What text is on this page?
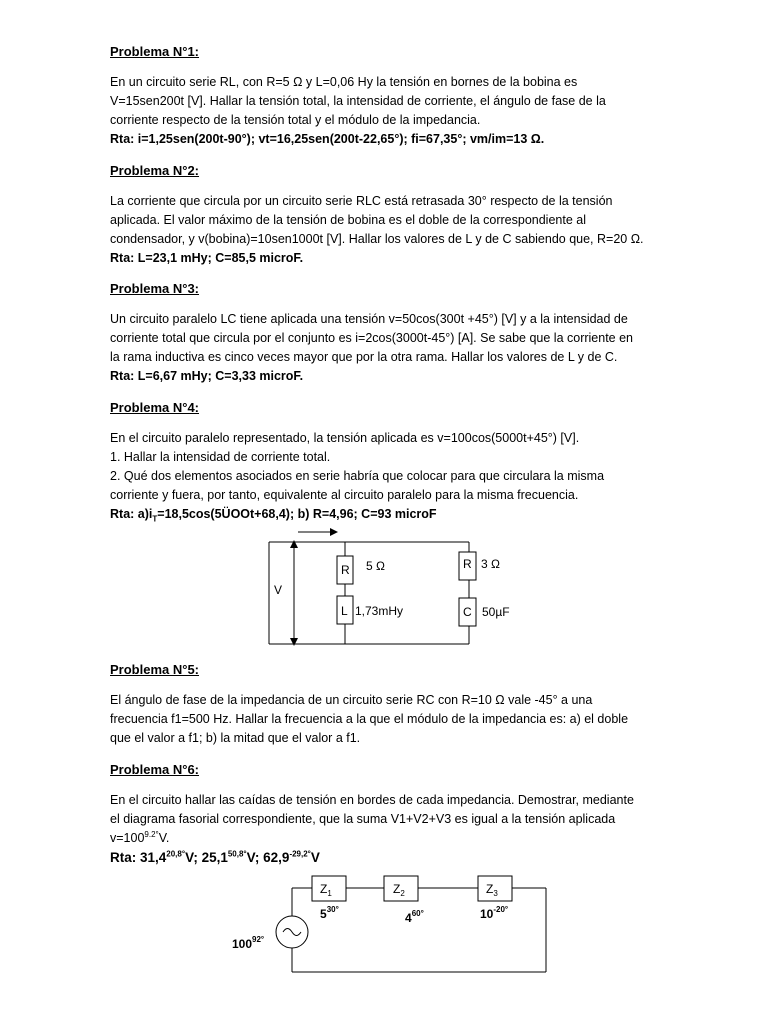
Problema N°1:

En un circuito serie RL, con R=5 Ω y L=0,06 Hy la tensión en bornes de la bobina es
V=15sen200t [V]. Hallar la tensión total, la intensidad de corriente, el ángulo de fase de la
corriente respecto de la tensión total y el módulo de la impedancia.

Rta: i=1,25sen(200t-90°); vt=16,25sen(200t-22,65°); fi=67,35°; vm/im=13 Ω.

Problema N°2:

La corriente que circula por un circuito serie RLC está retrasada 30° respecto de la tensión
aplicada. El valor máximo de la tensión de bobina es el doble de la correspondiente al
condensador, y v(bobina)=10sen1000t [V]. Hallar los valores de L y de C sabiendo que, R=20 Ω.

Rta: L=23,1 mHy; C=85,5 microF.

Problema N°3:

Un circuito paralelo LC tiene aplicada una tensión v=50cos(300t +45°) [V] y a la intensidad de
corriente total que circula por el conjunto es i=2cos(3000t-45°) [A]. Se sabe que la corriente en
la rama inductiva es cinco veces mayor que por la otra rama. Hallar los valores de L y de C.

Rta: L=6,67 mHy; C=3,33 microF.

Problema N°4:

En el circuito paralelo representado, la tensión aplicada es v=100cos(5000t+45°) [V].
1. Hallar la intensidad de corriente total.
2. Qué dos elementos asociados en serie habría que colocar para que circulara la misma
corriente y fuera, por tanto, equivalente al circuito paralelo para la misma frecuencia.

Rta: $a)i_T=18,5\cos(5ÜOOt+68,4)$; b) R=4,96; C=93 microF

V
R 5 Ω
L 1,73mHy
R 3 Ω
C 50µF

Problema N°5:

El ángulo de fase de la impedancia de un circuito serie RC con R=10 Ω vale -45° a una
frecuencia f1=500 Hz. Hallar la frecuencia a la que el módulo de la impedancia es: a) el doble
que el valor a f1; b) la mitad que el valor a f1.

Problema N°6:

En el circuito hallar las caídas de tensión en bordes de cada impedancia. Demostrar, mediante
el diagrama fasorial correspondiente, que la suma V1+V2+V3 es igual a la tensión aplicada

$v=100^{9.2^\circ}V$.

Rta: $31,4^{20,8^\circ}V$; $25,1^{50,8^\circ}V$; $62,9^{-29,2^\circ}V$

$100^{92^\circ}$
$Z_1$	$Z_2$	$Z_3$
$5^{30^\circ}$
$4^{60^\circ}$	$10^{-20^\circ}$
